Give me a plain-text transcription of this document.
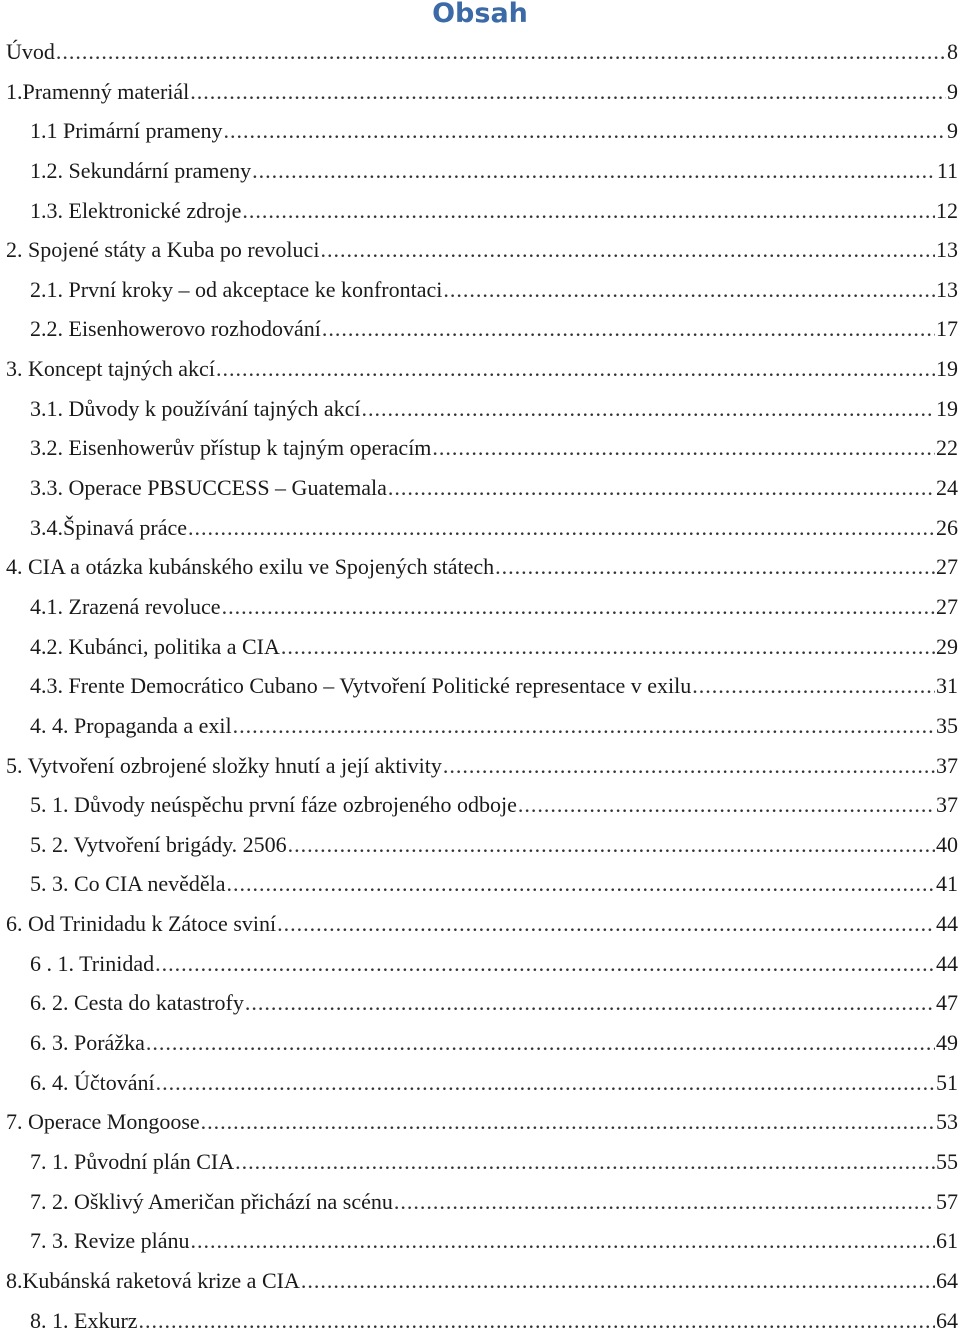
Obsah
Úvod .....	8
1.Pramenný materiál .....	9
1.1 Primární prameny .....	9
1.2. Sekundární prameny .....	11
1.3. Elektronické zdroje .....	12
2. Spojené státy a Kuba po revoluci .....	13
2.1. První kroky – od akceptace ke konfrontaci .....	13
2.2. Eisenhowerovo rozhodování .....	17
3. Koncept tajných akcí .....	19
3.1. Důvody k používání tajných akcí .....	19
3.2. Eisenhowerův přístup k tajným operacím .....	22
3.3. Operace PBSUCCESS – Guatemala .....	24
3.4.Špinavá práce .....	26
4. CIA a otázka kubánského exilu ve Spojených státech .....	27
4.1. Zrazená revoluce .....	27
4.2. Kubánci, politika a CIA .....	29
4.3. Frente Democrático Cubano – Vytvoření Politické representace v exilu .....	31
4. 4. Propaganda a exil .....	35
5. Vytvoření ozbrojené složky hnutí a její aktivity .....	37
5. 1. Důvody neúspěchu první fáze ozbrojeného odboje .....	37
5. 2. Vytvoření brigády. 2506 .....	40
5. 3. Co CIA nevěděla .....	41
6. Od Trinidadu k Zátoce sviní .....	44
6 . 1. Trinidad .....	44
6. 2. Cesta do katastrofy .....	47
6. 3. Porážka .....	49
6. 4. Účtování .....	51
7. Operace Mongoose .....	53
7. 1. Původní plán CIA .....	55
7. 2. Ošklivý Američan přichází na scénu .....	57
7. 3. Revize plánu .....	61
8.Kubánská raketová krize a CIA .....	64
8. 1. Exkurz .....	64
